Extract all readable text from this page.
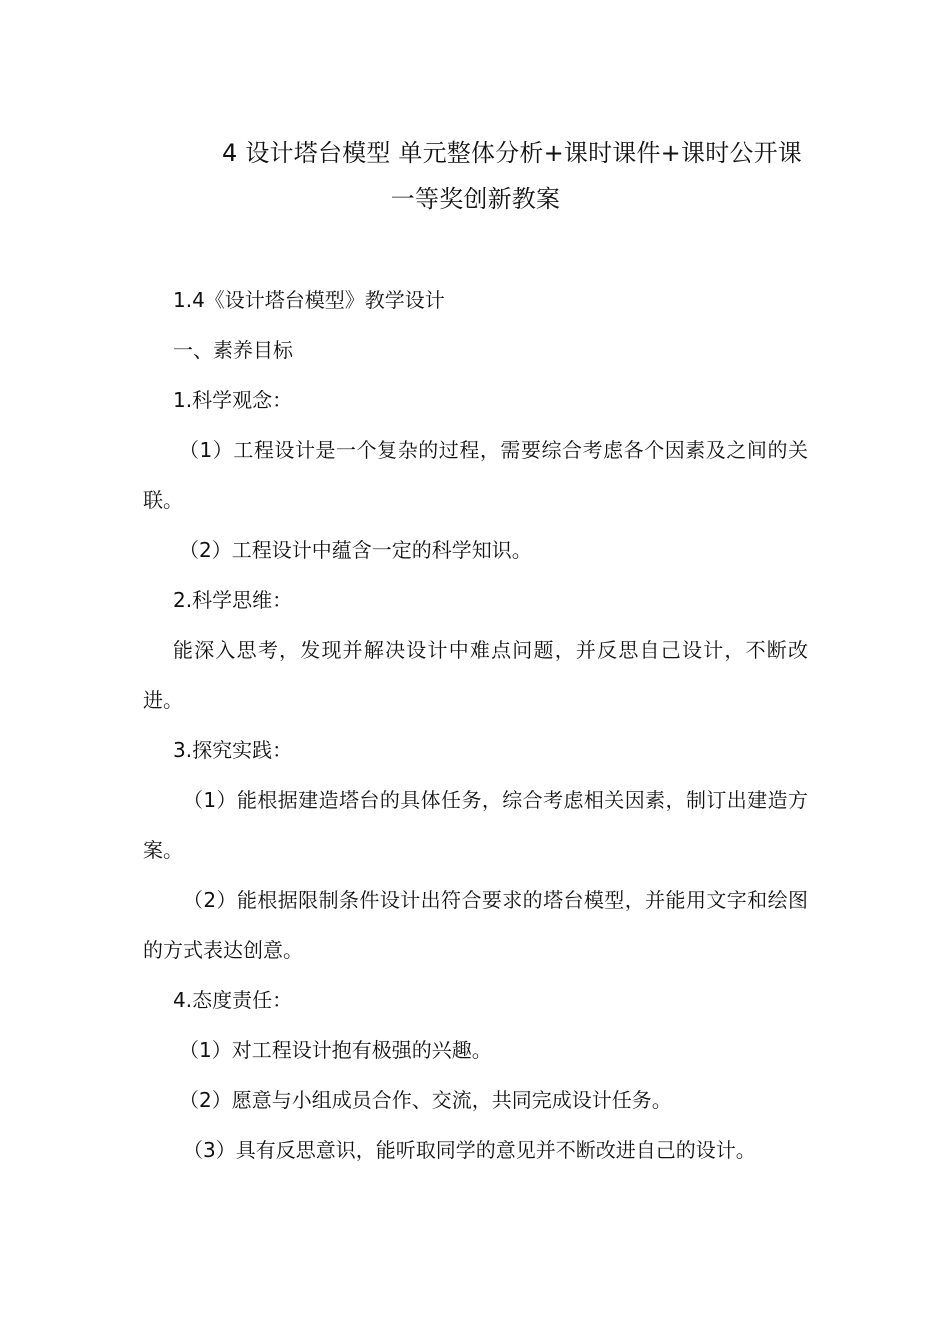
4 设计塔台模型 单元整体分析+课时课件+课时公开课
一等奖创新教案

1.4《设计塔台模型》教学设计

一、素养目标

1.科学观念：

（1）工程设计是一个复杂的过程，需要综合考虑各个因素及之间的关联。

（2）工程设计中蕴含一定的科学知识。

2.科学思维：

能深入思考，发现并解决设计中难点问题，并反思自己设计，不断改进。

3.探究实践：

（1）能根据建造塔台的具体任务，综合考虑相关因素，制订出建造方案。

（2）能根据限制条件设计出符合要求的塔台模型，并能用文字和绘图的方式表达创意。

4.态度责任：

（1）对工程设计抱有极强的兴趣。

（2）愿意与小组成员合作、交流，共同完成设计任务。

（3）具有反思意识，能听取同学的意见并不断改进自己的设计。
